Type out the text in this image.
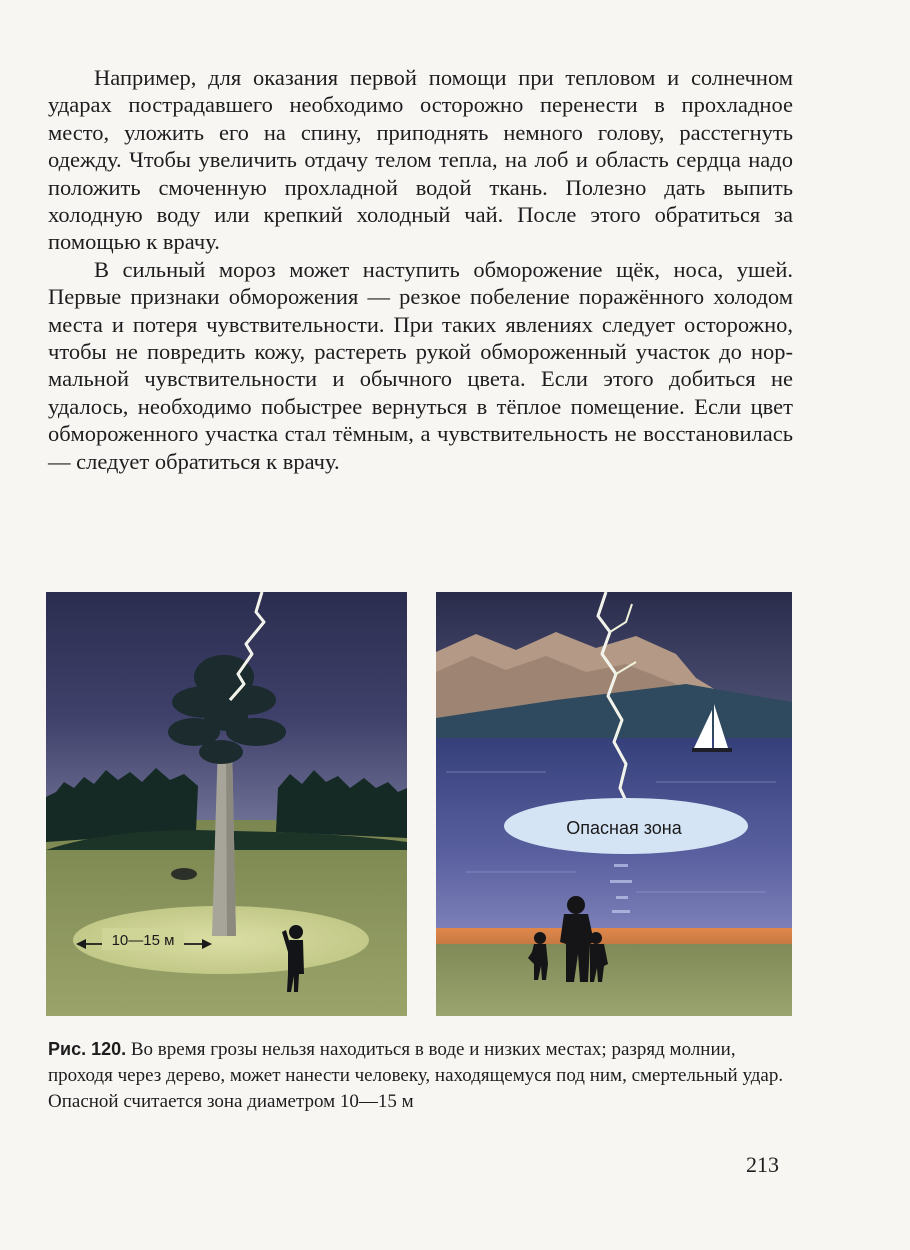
Например, для оказания первой помощи при тепловом и солнечном ударах пострадавшего необходимо осторожно перенести в прохладное место, уложить его на спину, приподнять немного голову, расстегнуть одежду. Чтобы увеличить отдачу телом тепла, на лоб и область сердца надо положить смоченную прохладной водой ткань. Полезно дать выпить холодную воду или крепкий холодный чай. После этого обратиться за помощью к врачу.

В сильный мороз может наступить обморожение щёк, носа, ушей. Первые признаки обморожения — резкое побеление поражённого холодом места и потеря чувствительности. При таких явлениях следует осторожно, чтобы не повредить кожу, растереть рукой обмороженный участок до нормальной чувствительности и обычного цвета. Если этого добиться не удалось, необходимо побыстрее вернуться в тёплое помещение. Если цвет обмороженного участка стал тёмным, а чувствительность не восстановилась — следует обратиться к врачу.

10—15 м
Опасная зона
Рис. 120. Во время грозы нельзя находиться в воде и низких местах; разряд молнии, проходя через дерево, может нанести человеку, находящемуся под ним, смертельный удар. Опасной считается зона диаметром 10—15 м
213
